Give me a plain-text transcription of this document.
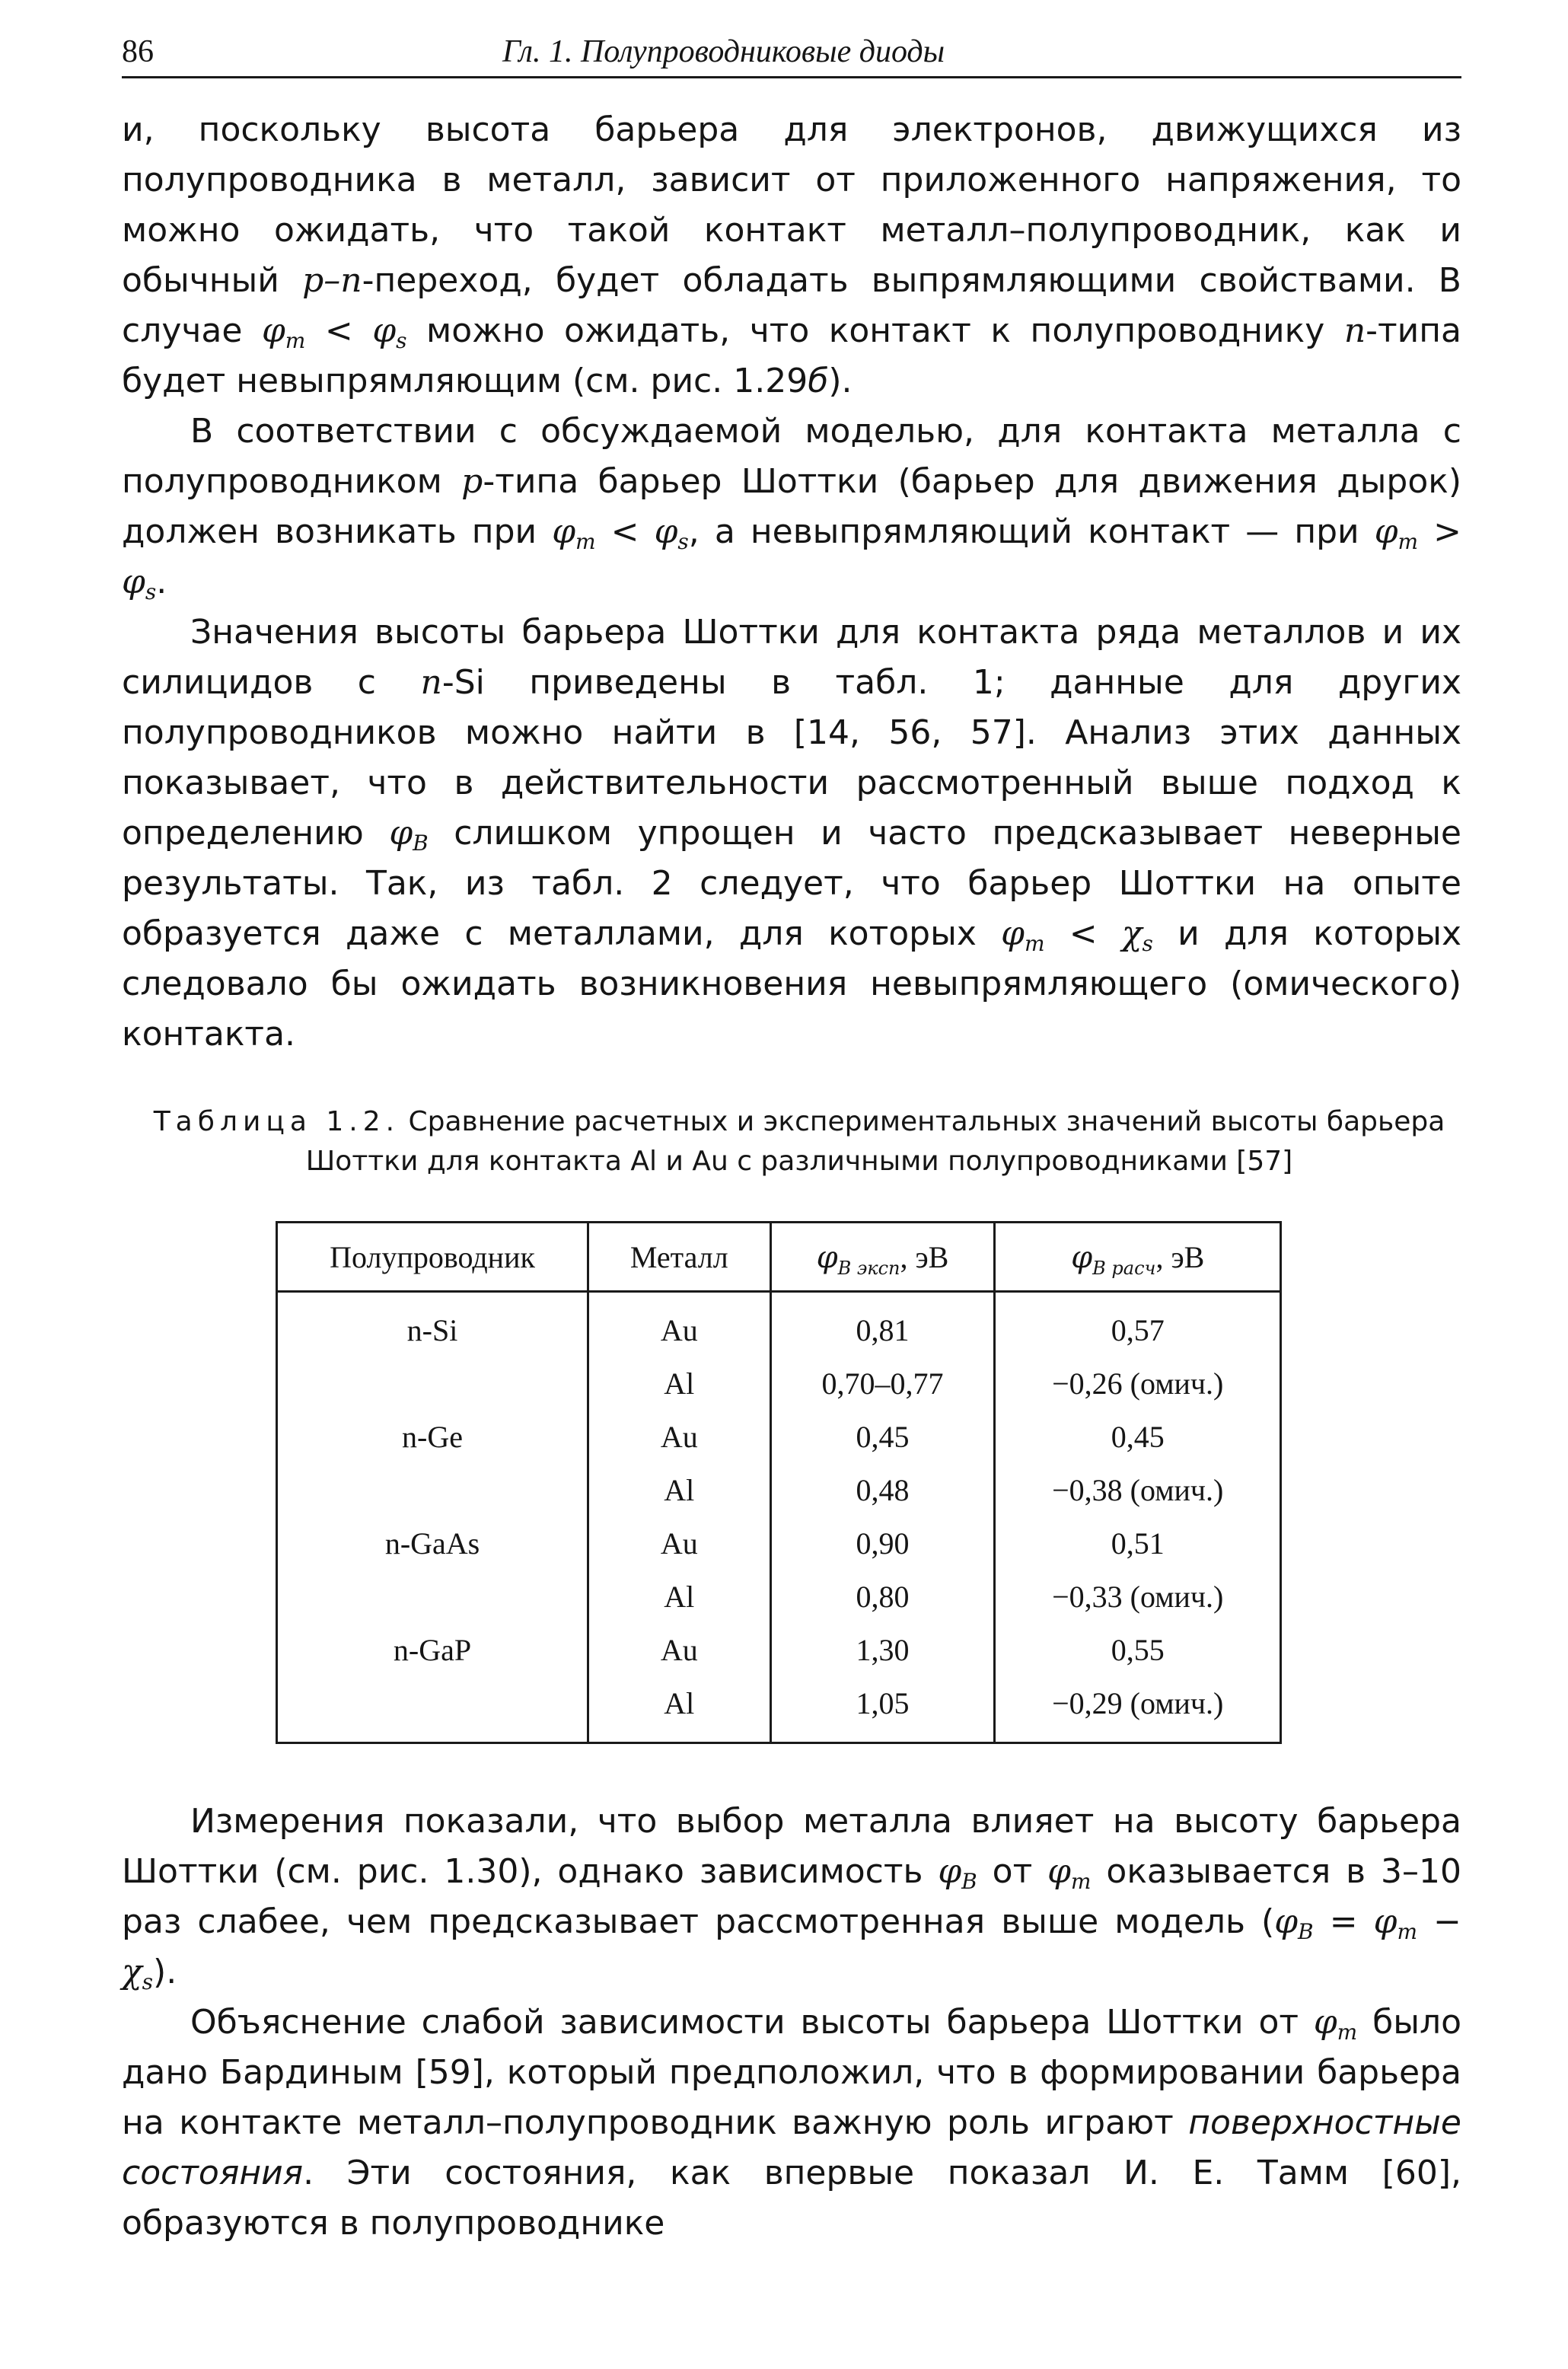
86	Гл. 1. Полупроводниковые диоды

и, поскольку высота барьера для электронов, движущихся из полупроводника в металл, зависит от приложенного напряжения, то можно ожидать, что такой контакт металл–полупроводник, как и обычный p–n-переход, будет обладать выпрямляющими свойствами. В случае $\varphi_m < \varphi_s$ можно ожидать, что контакт к полупроводнику n-типа будет невыпрямляющим (см. рис. 1.29б).

В соответствии с обсуждаемой моделью, для контакта металла с полупроводником p-типа барьер Шоттки (барьер для движения дырок) должен возникать при $\varphi_m < \varphi_s$, а невыпрямляющий контакт — при $\varphi_m > \varphi_s$.

Значения высоты барьера Шоттки для контакта ряда металлов и их силицидов с n-Si приведены в табл. 1; данные для других полупроводников можно найти в [14, 56, 57]. Анализ этих данных показывает, что в действительности рассмотренный выше подход к определению $\varphi_B$ слишком упрощен и часто предсказывает неверные результаты. Так, из табл. 2 следует, что барьер Шоттки на опыте образуется даже с металлами, для которых $\varphi_m < \chi_s$ и для которых следовало бы ожидать возникновения невыпрямляющего (омического) контакта.

Таблица 1.2. Сравнение расчетных и экспериментальных значений высоты барьера Шоттки для контакта Al и Au с различными полупроводниками [57]
Полупроводник	Металл	$\varphi_{B эксп}$, эВ	$\varphi_{B расч}$, эВ
n-Si	Au	0,81	0,57
	Al	0,70–0,77	−0,26 (омич.)
n-Ge	Au	0,45	0,45
	Al	0,48	−0,38 (омич.)
n-GaAs	Au	0,90	0,51
	Al	0,80	−0,33 (омич.)
n-GaP	Au	1,30	0,55
	Al	1,05	−0,29 (омич.)

Измерения показали, что выбор металла влияет на высоту барьера Шоттки (см. рис. 1.30), однако зависимость $\varphi_B$ от $\varphi_m$ оказывается в 3–10 раз слабее, чем предсказывает рассмотренная выше модель $(\varphi_B = \varphi_m - \chi_s)$.

Объяснение слабой зависимости высоты барьера Шоттки от $\varphi_m$ было дано Бардиным [59], который предположил, что в формировании барьера на контакте металл–полупроводник важную роль играют поверхностные состояния. Эти состояния, как впервые показал И. Е. Тамм [60], образуются в полупроводнике
